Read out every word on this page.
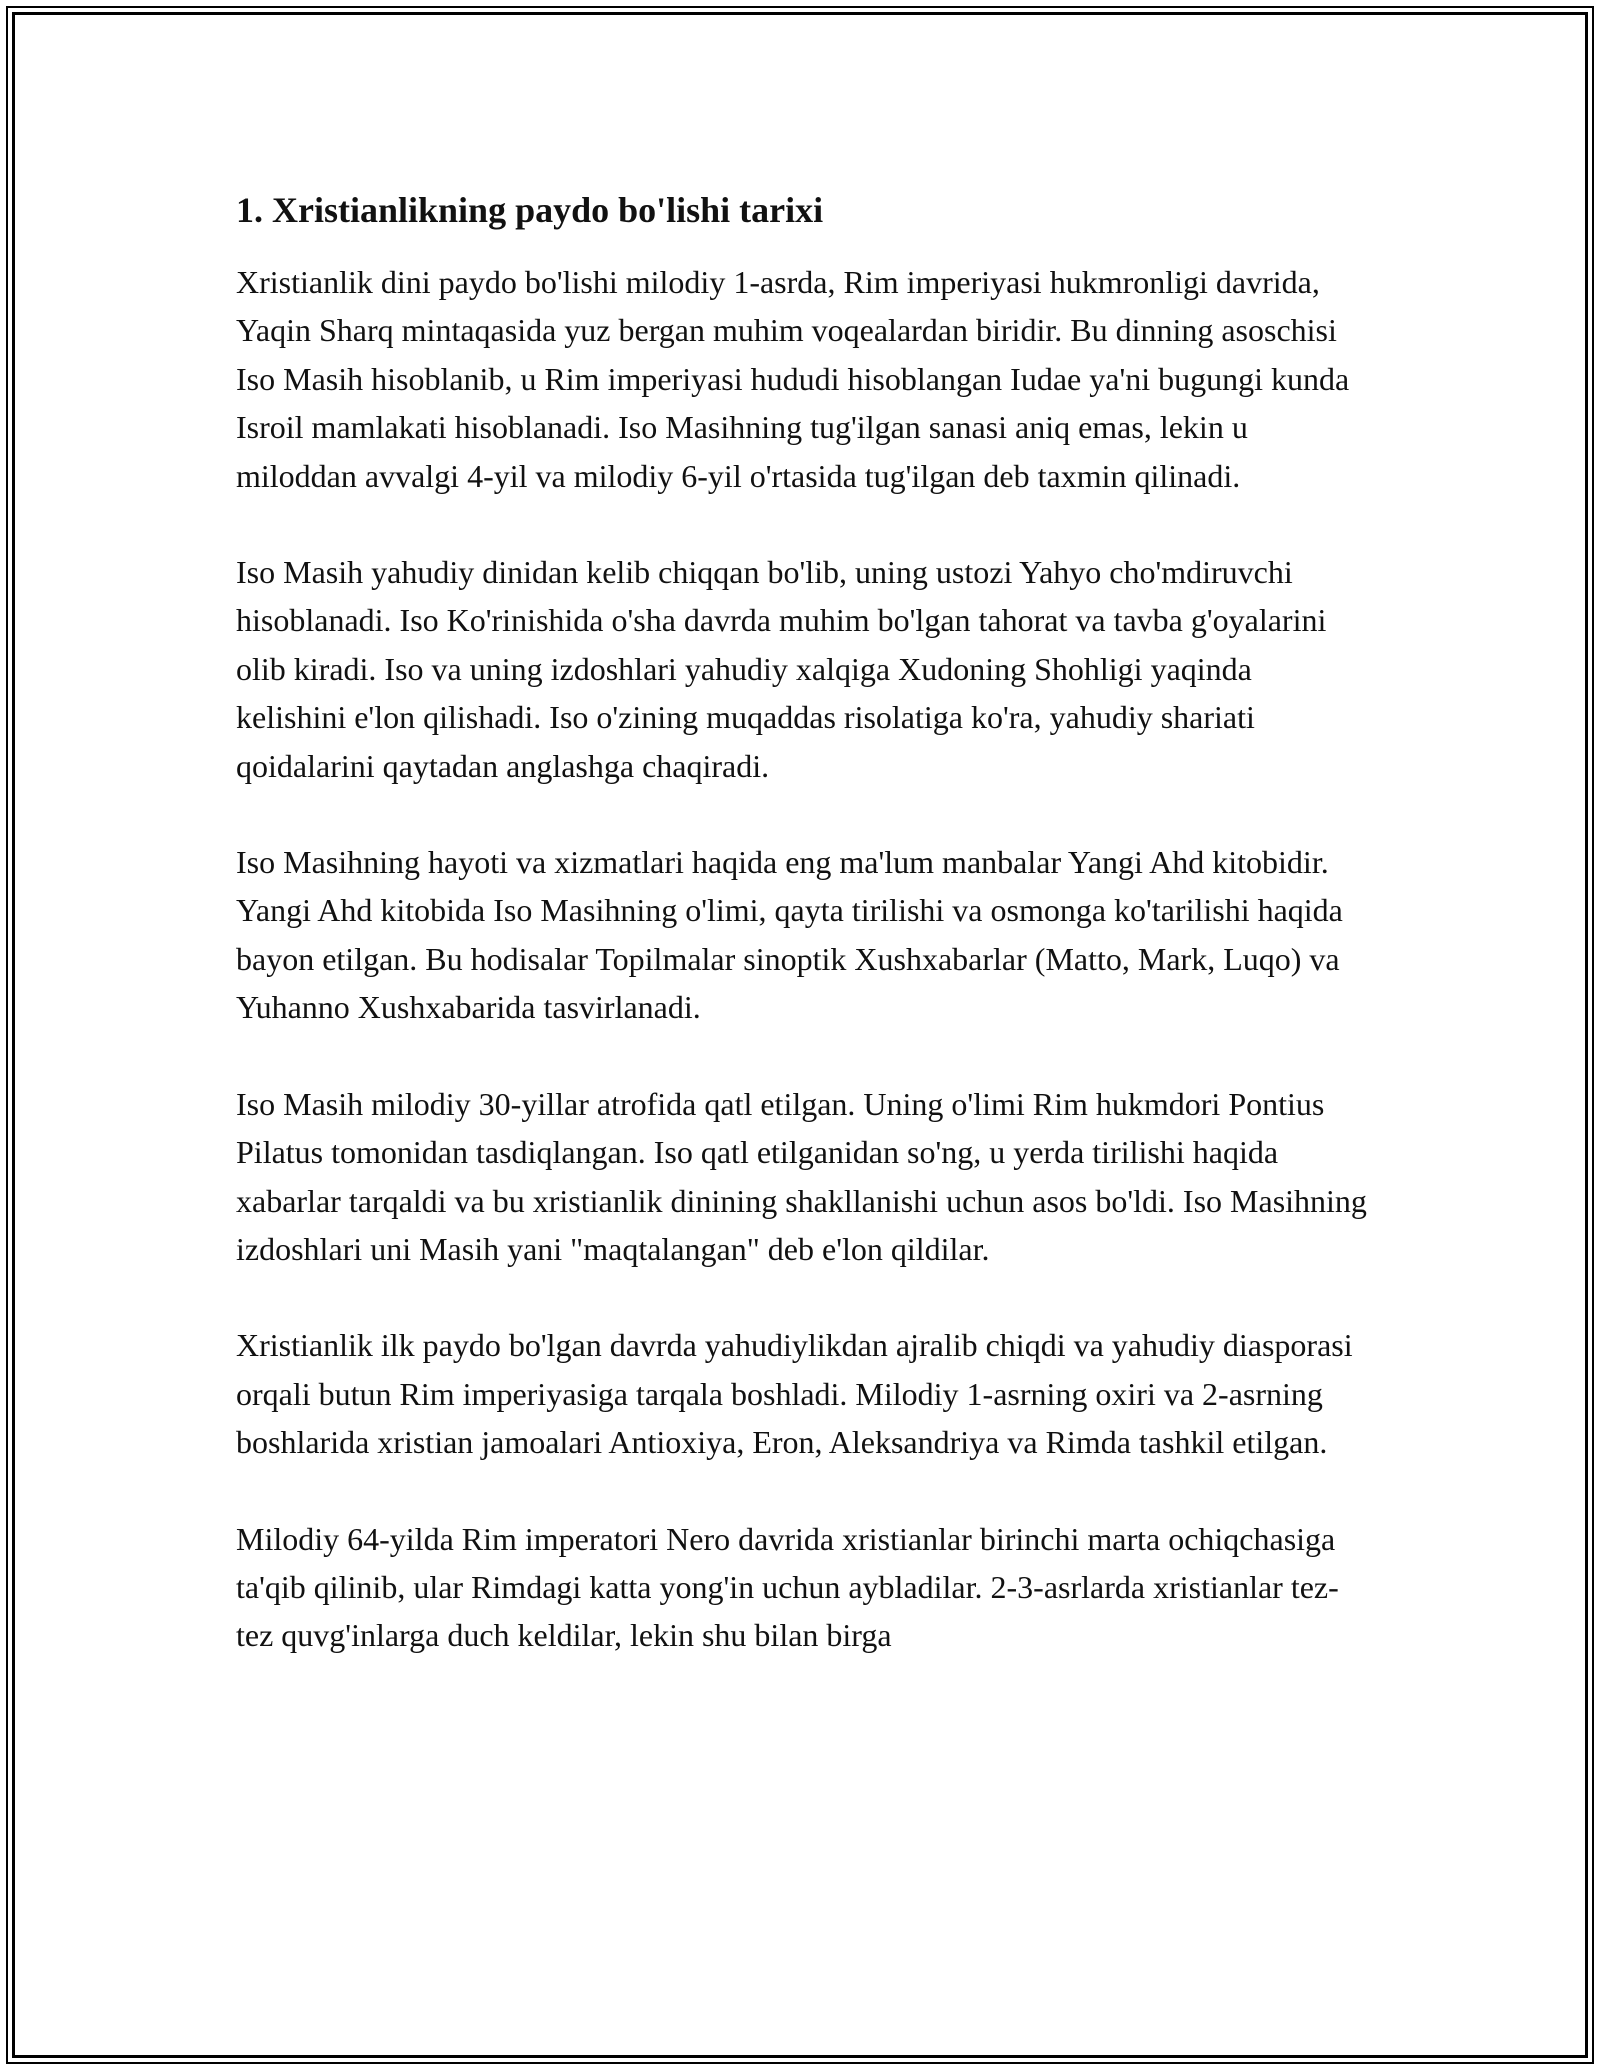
1. Xristianlikning paydo bo'lishi tarixi

Xristianlik dini paydo bo'lishi milodiy 1-asrda, Rim imperiyasi hukmronligi davrida, Yaqin Sharq mintaqasida yuz bergan muhim voqealardan biridir. Bu dinning asoschisi Iso Masih hisoblanib, u Rim imperiyasi hududi hisoblangan Iudae ya'ni bugungi kunda Isroil mamlakati hisoblanadi. Iso Masihning tug'ilgan sanasi aniq emas, lekin u miloddan avvalgi 4-yil va milodiy 6-yil o'rtasida tug'ilgan deb taxmin qilinadi.

Iso Masih yahudiy dinidan kelib chiqqan bo'lib, uning ustozi Yahyo cho'mdiruvchi hisoblanadi. Iso Ko'rinishida o'sha davrda muhim bo'lgan tahorat va tavba g'oyalarini olib kiradi. Iso va uning izdoshlari yahudiy xalqiga Xudoning Shohligi yaqinda kelishini e'lon qilishadi. Iso o'zining muqaddas risolatiga ko'ra, yahudiy shariati qoidalarini qaytadan anglashga chaqiradi.

Iso Masihning hayoti va xizmatlari haqida eng ma'lum manbalar Yangi Ahd kitobidir. Yangi Ahd kitobida Iso Masihning o'limi, qayta tirilishi va osmonga ko'tarilishi haqida bayon etilgan. Bu hodisalar Topilmalar sinoptik Xushxabarlar (Matto, Mark, Luqo) va Yuhanno Xushxabarida tasvirlanadi.

Iso Masih milodiy 30-yillar atrofida qatl etilgan. Uning o'limi Rim hukmdori Pontius Pilatus tomonidan tasdiqlangan. Iso qatl etilganidan so'ng, u yerda tirilishi haqida xabarlar tarqaldi va bu xristianlik dinining shakllanishi uchun asos bo'ldi. Iso Masihning izdoshlari uni Masih yani "maqtalangan" deb e'lon qildilar.

Xristianlik ilk paydo bo'lgan davrda yahudiylikdan ajralib chiqdi va yahudiy diasporasi orqali butun Rim imperiyasiga tarqala boshladi. Milodiy 1-asrning oxiri va 2-asrning boshlarida xristian jamoalari Antioxiya, Eron, Aleksandriya va Rimda tashkil etilgan.

Milodiy 64-yilda Rim imperatori Nero davrida xristianlar birinchi marta ochiqchasiga ta'qib qilinib, ular Rimdagi katta yong'in uchun aybladilar. 2-3-asrlarda xristianlar tez-tez quvg'inlarga duch keldilar, lekin shu bilan birga
